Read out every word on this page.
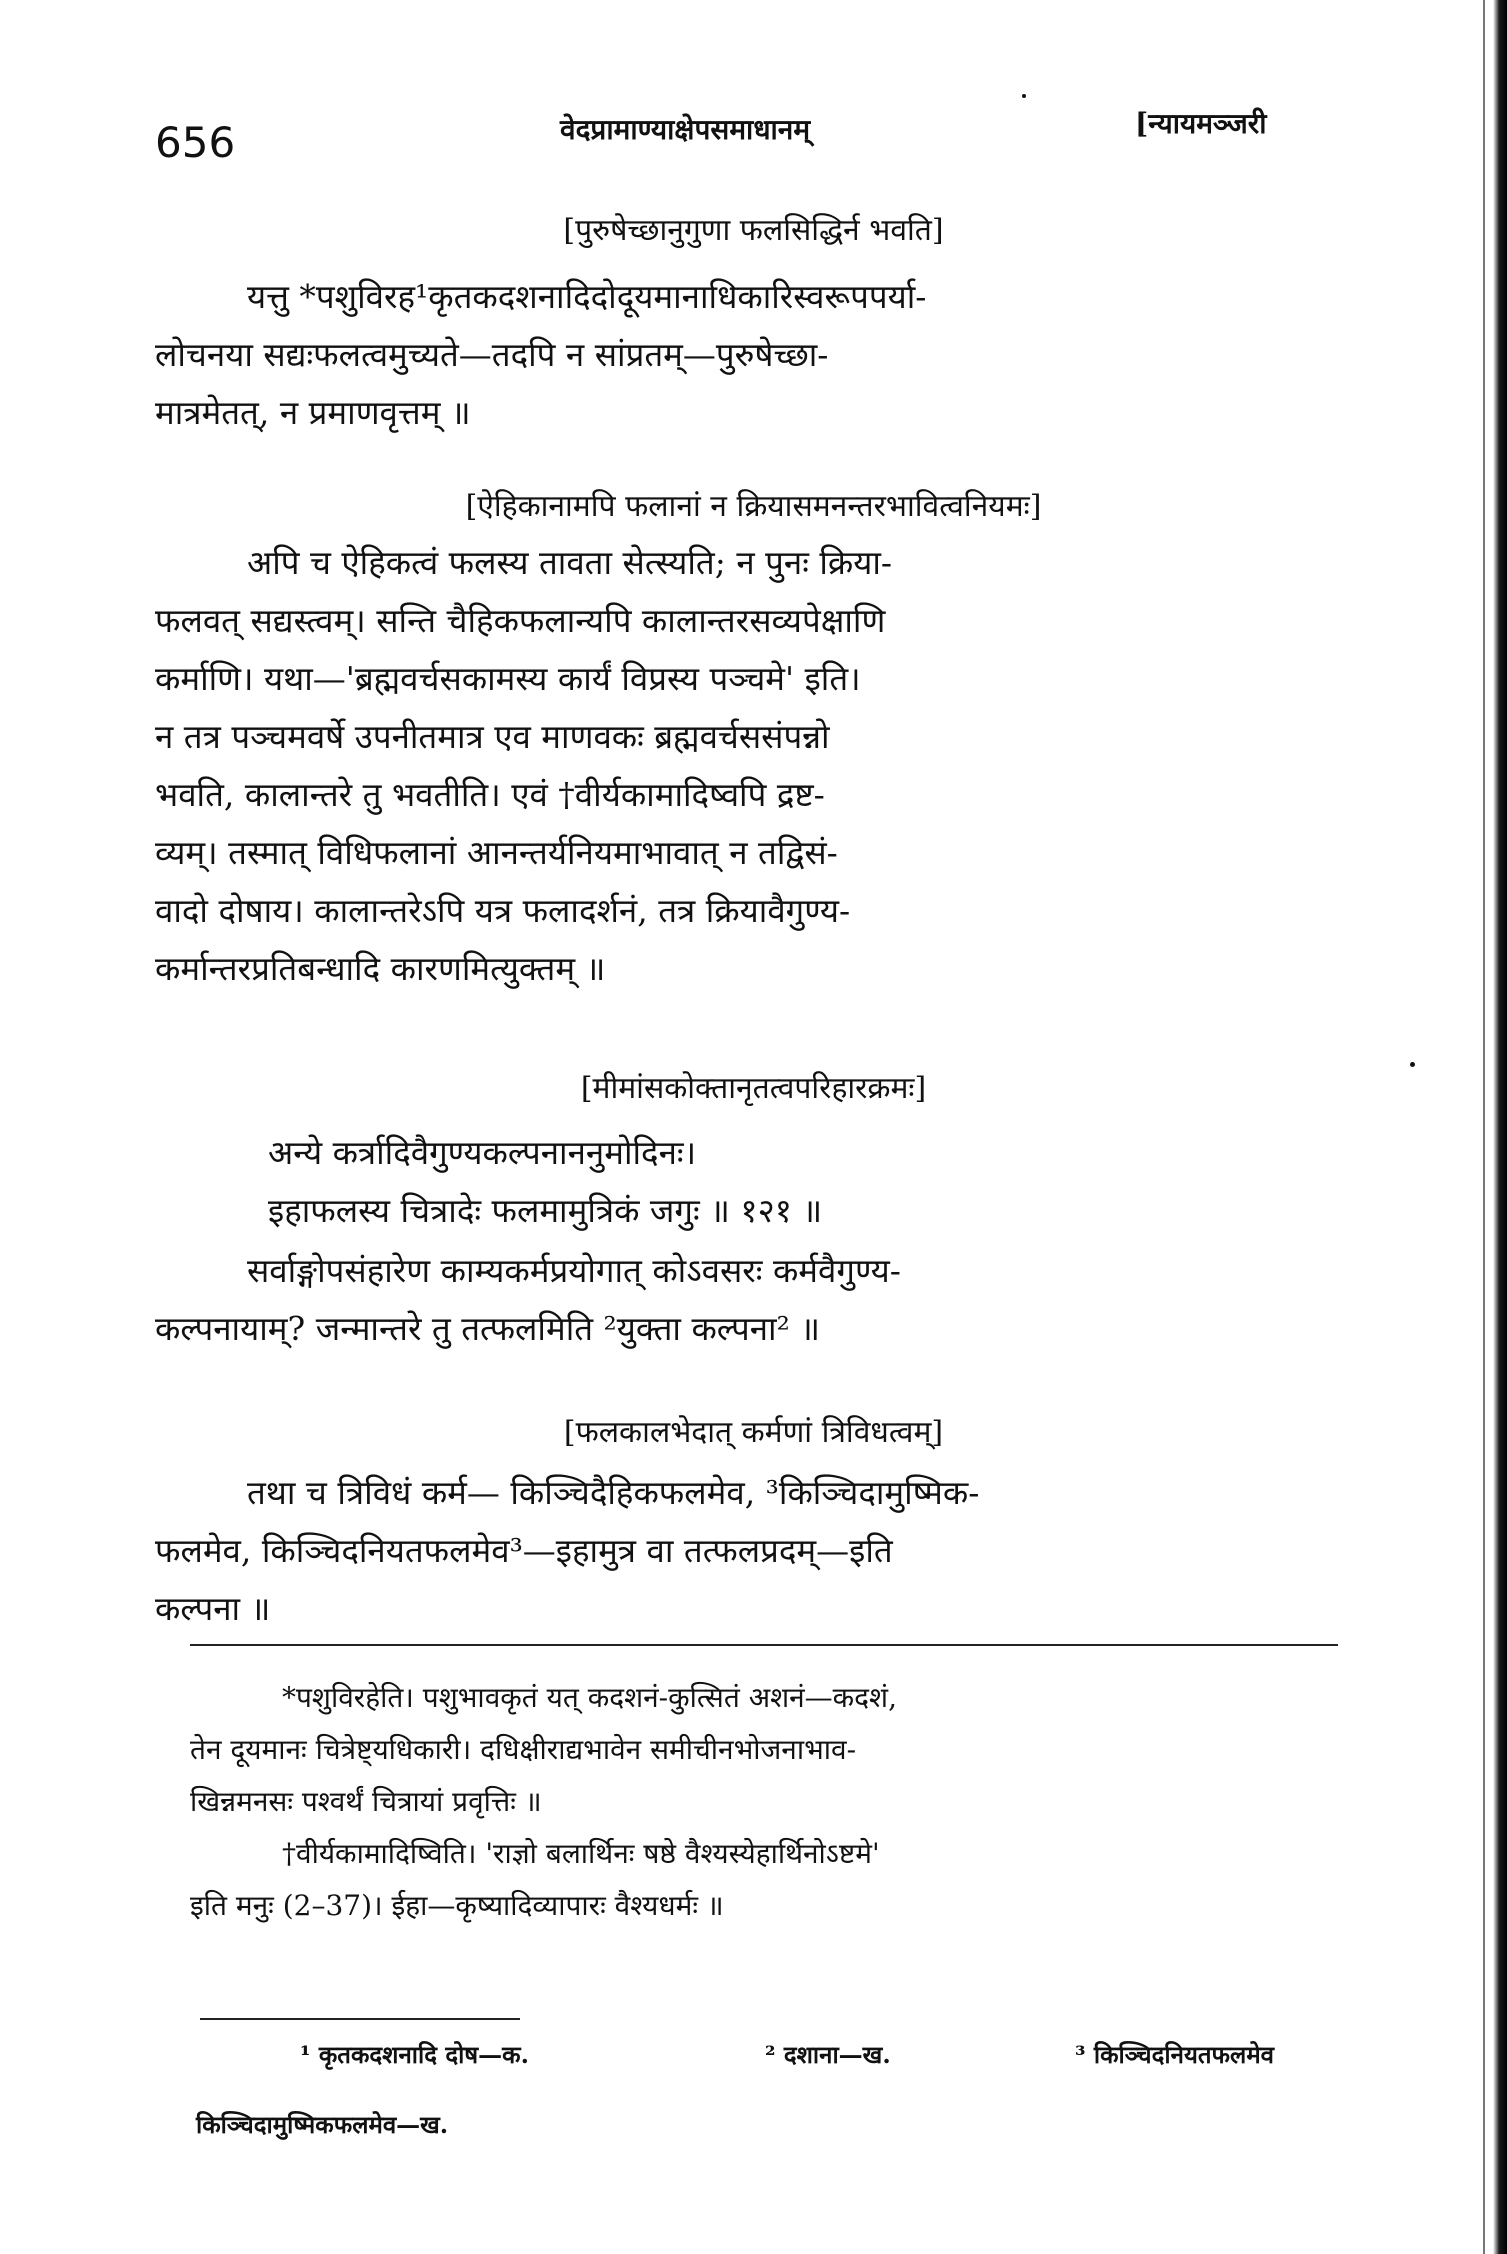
656	वेदप्रामाण्याक्षेपसमाधानम्	[न्यायमञ्जरी
[पुरुषेच्छानुगुणा फलसिद्धिर्न भवति]
यत्तु *पशुविरह¹कृतकदशनादिदोदूयमानाधिकारिस्वरूपपर्या-
लोचनया सद्यःफलत्वमुच्यते—तदपि न सांप्रतम्—पुरुषेच्छा-
मात्रमेतत्, न प्रमाणवृत्तम् ॥
[ऐहिकानामपि फलानां न क्रियासमनन्तरभावित्वनियमः]
अपि च ऐहिकत्वं फलस्य तावता सेत्स्यति; न पुनः क्रिया-
फलवत् सद्यस्त्वम्। सन्ति चैहिकफलान्यपि कालान्तरसव्यपेक्षाणि
कर्माणि। यथा—'ब्रह्मवर्चसकामस्य कार्यं विप्रस्य पञ्चमे' इति।
न तत्र पञ्चमवर्षे उपनीतमात्र एव माणवकः ब्रह्मवर्चससंपन्नो
भवति, कालान्तरे तु भवतीति। एवं †वीर्यकामादिष्वपि द्रष्ट-
व्यम्। तस्मात् विधिफलानां आनन्तर्यनियमाभावात् न तद्विसं-
वादो दोषाय। कालान्तरेऽपि यत्र फलादर्शनं, तत्र क्रियावैगुण्य-
कर्मान्तरप्रतिबन्धादि कारणमित्युक्तम् ॥
[मीमांसकोक्तानृतत्वपरिहारक्रमः]
अन्ये कर्त्रादिवैगुण्यकल्पनाननुमोदिनः।
इहाफलस्य चित्रादेः फलमामुत्रिकं जगुः ॥ १२१ ॥
सर्वाङ्गोपसंहारेण काम्यकर्मप्रयोगात् कोऽवसरः कर्मवैगुण्य-
कल्पनायाम्? जन्मान्तरे तु तत्फलमिति ²युक्ता कल्पना² ॥
[फलकालभेदात् कर्मणां त्रिविधत्वम्]
तथा च त्रिविधं कर्म— किञ्चिदैहिकफलमेव, ³किञ्चिदामुष्मिक-
फलमेव, किञ्चिदनियतफलमेव³—इहामुत्र वा तत्फलप्रदम्—इति
कल्पना ॥
*पशुविरहेति। पशुभावकृतं यत् कदशनं-कुत्सितं अशनं—कदशं,
तेन दूयमानः चित्रेष्ट्यधिकारी। दधिक्षीराद्यभावेन समीचीनभोजनाभाव-
खिन्नमनसः पश्वर्थं चित्रायां प्रवृत्तिः ॥
†वीर्यकामादिष्विति। 'राज्ञो बलार्थिनः षष्ठे वैश्यस्येहार्थिनोऽष्टमे'
इति मनुः (2–37)। ईहा—कृष्यादिव्यापारः वैश्यधर्मः ॥
¹ कृतकदशनादि दोष—क.	² दशाना—ख.	³ किञ्चिदनियतफलमेव
किञ्चिदामुष्मिकफलमेव—ख.
